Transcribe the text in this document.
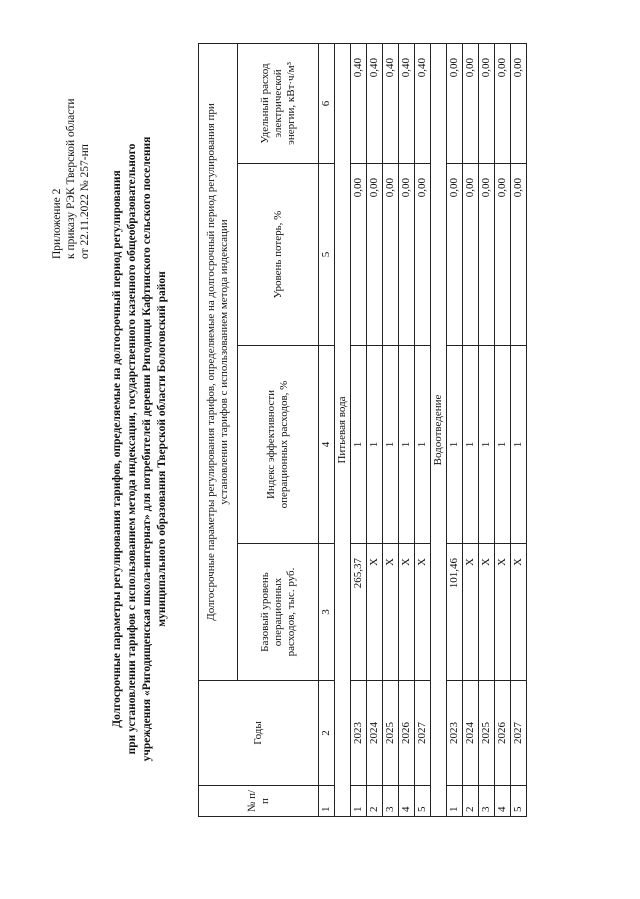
Приложение 2 к приказу РЭК Тверской области от 22.11.2022 № 257-нп Долгосрочные параметры регулирования тарифов, определяемые на долгосрочный период регулирования при установлении тарифов с использованием метода индексации, государственного казенного общеобразовательного учреждения «Ригодищенская школа-интернат» для потребителей деревни Ригодищи Кафтинского сельского поселения муниципального образования Тверской области Бологовский район
№ п/п	Годы	Долгосрочные параметры регулирования тарифов, определяемые на долгосрочный период регулирования при установлении тарифов с использованием метода индексации			
		Базовый уровень операционных расходов, тыс. руб.	Индекс эффективности операционных расходов, %	Уровень потерь, %	Удельный расход электрической энергии, кВт·ч/м³
1	2	3	4	5	6
Питьевая вода					
1	2023	265,37	1	0,00	0,40
2	2024	Х	1	0,00	0,40
3	2025	Х	1	0,00	0,40
4	2026	Х	1	0,00	0,40
5	2027	Х	1	0,00	0,40
Водоотведение					
1	2023	101,46	1	0,00	0,00
2	2024	Х	1	0,00	0,00
3	2025	Х	1	0,00	0,00
4	2026	Х	1	0,00	0,00
5	2027	Х	1	0,00	0,00
